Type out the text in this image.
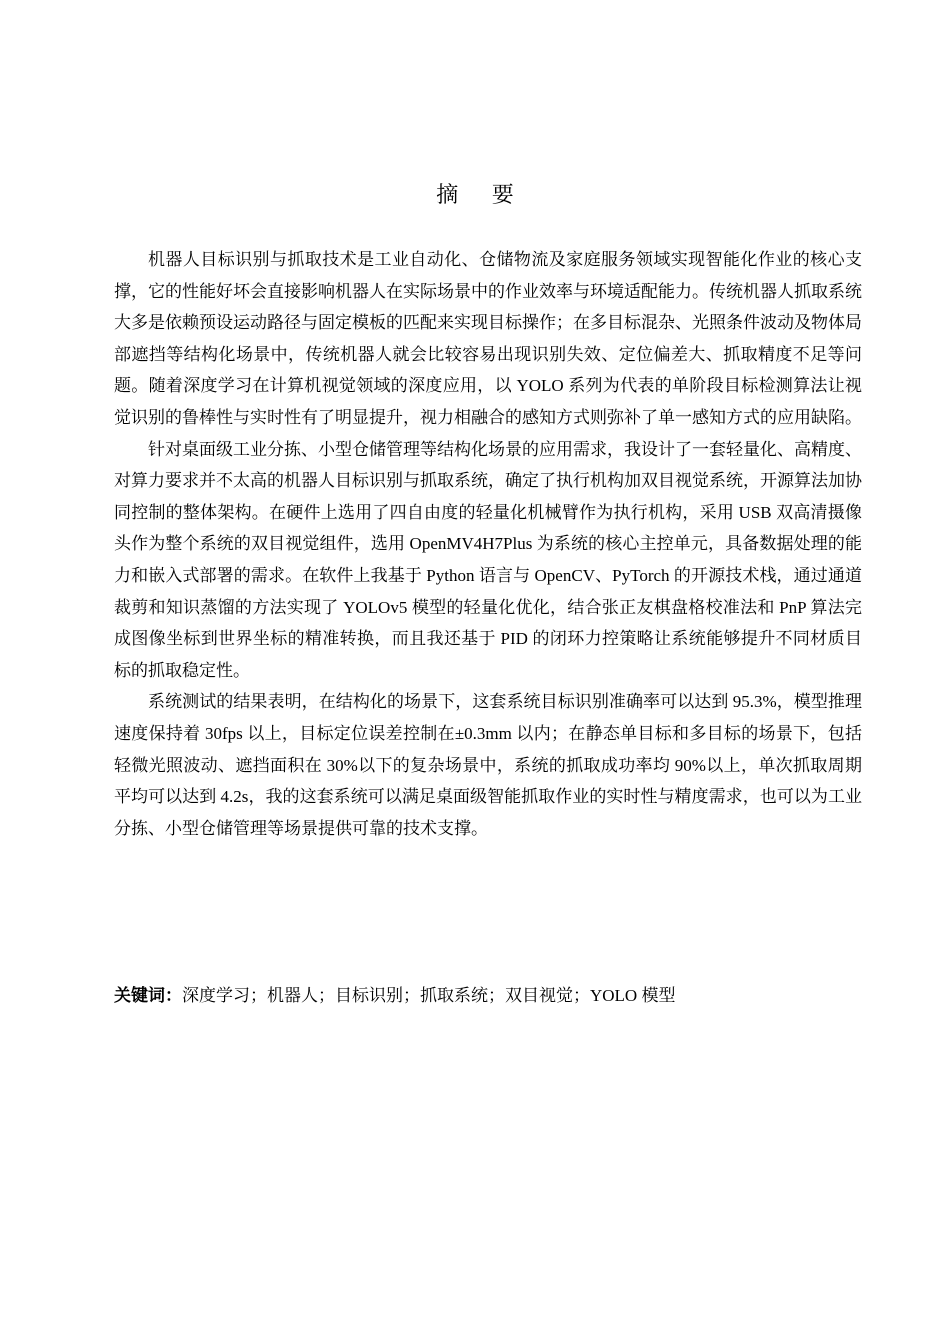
摘 要

机器人目标识别与抓取技术是工业自动化、仓储物流及家庭服务领域实现智能化作业的核心支撑，它的性能好坏会直接影响机器人在实际场景中的作业效率与环境适配能力。传统机器人抓取系统大多是依赖预设运动路径与固定模板的匹配来实现目标操作；在多目标混杂、光照条件波动及物体局部遮挡等结构化场景中，传统机器人就会比较容易出现识别失效、定位偏差大、抓取精度不足等问题。随着深度学习在计算机视觉领域的深度应用，以 YOLO 系列为代表的单阶段目标检测算法让视觉识别的鲁棒性与实时性有了明显提升，视力相融合的感知方式则弥补了单一感知方式的应用缺陷。

针对桌面级工业分拣、小型仓储管理等结构化场景的应用需求，我设计了一套轻量化、高精度、对算力要求并不太高的机器人目标识别与抓取系统，确定了执行机构加双目视觉系统，开源算法加协同控制的整体架构。在硬件上选用了四自由度的轻量化机械臂作为执行机构，采用 USB 双高清摄像头作为整个系统的双目视觉组件，选用 OpenMV4H7Plus 为系统的核心主控单元，具备数据处理的能力和嵌入式部署的需求。在软件上我基于 Python 语言与 OpenCV、PyTorch 的开源技术栈，通过通道裁剪和知识蒸馏的方法实现了 YOLOv5 模型的轻量化优化，结合张正友棋盘格校准法和 PnP 算法完成图像坐标到世界坐标的精准转换，而且我还基于 PID 的闭环力控策略让系统能够提升不同材质目标的抓取稳定性。

系统测试的结果表明，在结构化的场景下，这套系统目标识别准确率可以达到 95.3%，模型推理速度保持着 30fps 以上，目标定位误差控制在±0.3mm 以内；在静态单目标和多目标的场景下，包括轻微光照波动、遮挡面积在 30%以下的复杂场景中，系统的抓取成功率均 90%以上，单次抓取周期平均可以达到 4.2s，我的这套系统可以满足桌面级智能抓取作业的实时性与精度需求，也可以为工业分拣、小型仓储管理等场景提供可靠的技术支撑。

关键词：深度学习；机器人；目标识别；抓取系统；双目视觉；YOLO 模型
